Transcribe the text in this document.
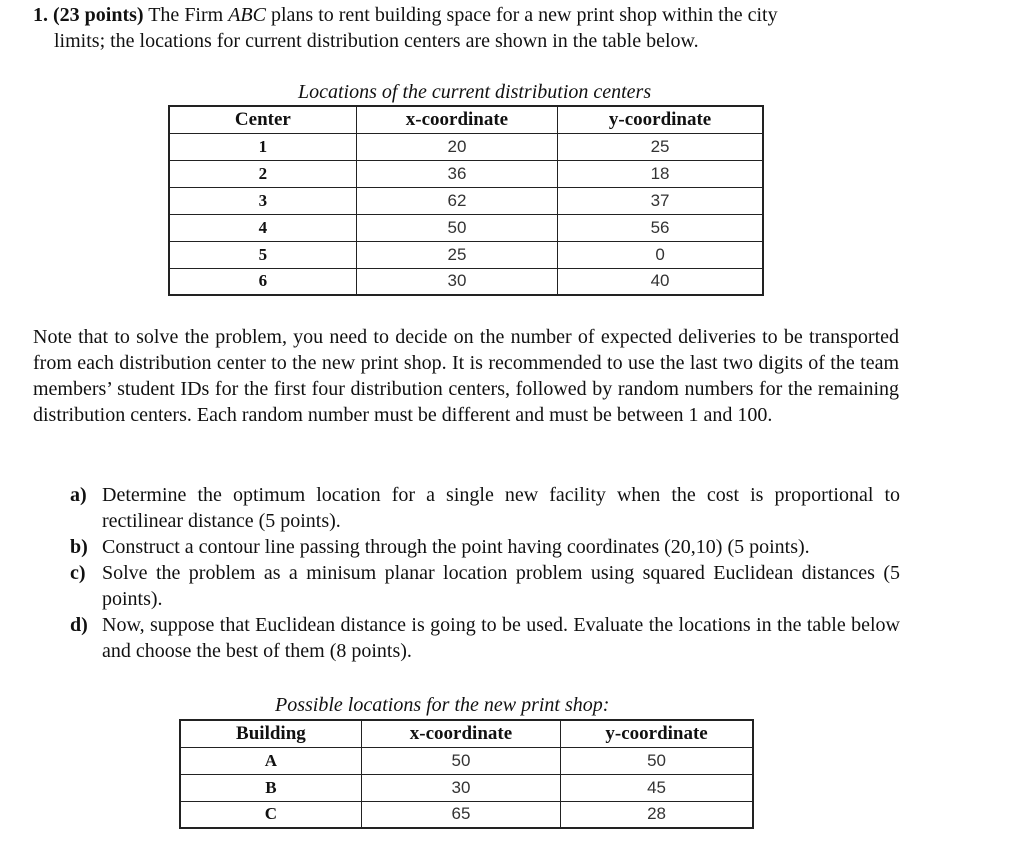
1. (23 points) The Firm ABC plans to rent building space for a new print shop within the city
limits; the locations for current distribution centers are shown in the table below.
Locations of the current distribution centers
Center	x-coordinate	y-coordinate
1	20	25
2	36	18
3	62	37
4	50	56
5	25	0
6	30	40
Note that to solve the problem, you need to decide on the number of expected deliveries to be transported from each distribution center to the new print shop. It is recommended to use the last two digits of the team members’ student IDs for the first four distribution centers, followed by random numbers for the remaining distribution centers. Each random number must be different and must be between 1 and 100.
a) Determine the optimum location for a single new facility when the cost is proportional to rectilinear distance (5 points).
b) Construct a contour line passing through the point having coordinates (20,10) (5 points).
c) Solve the problem as a minisum planar location problem using squared Euclidean distances (5 points).
d) Now, suppose that Euclidean distance is going to be used. Evaluate the locations in the table below and choose the best of them (8 points).
Possible locations for the new print shop:
Building	x-coordinate	y-coordinate
A	50	50
B	30	45
C	65	28
